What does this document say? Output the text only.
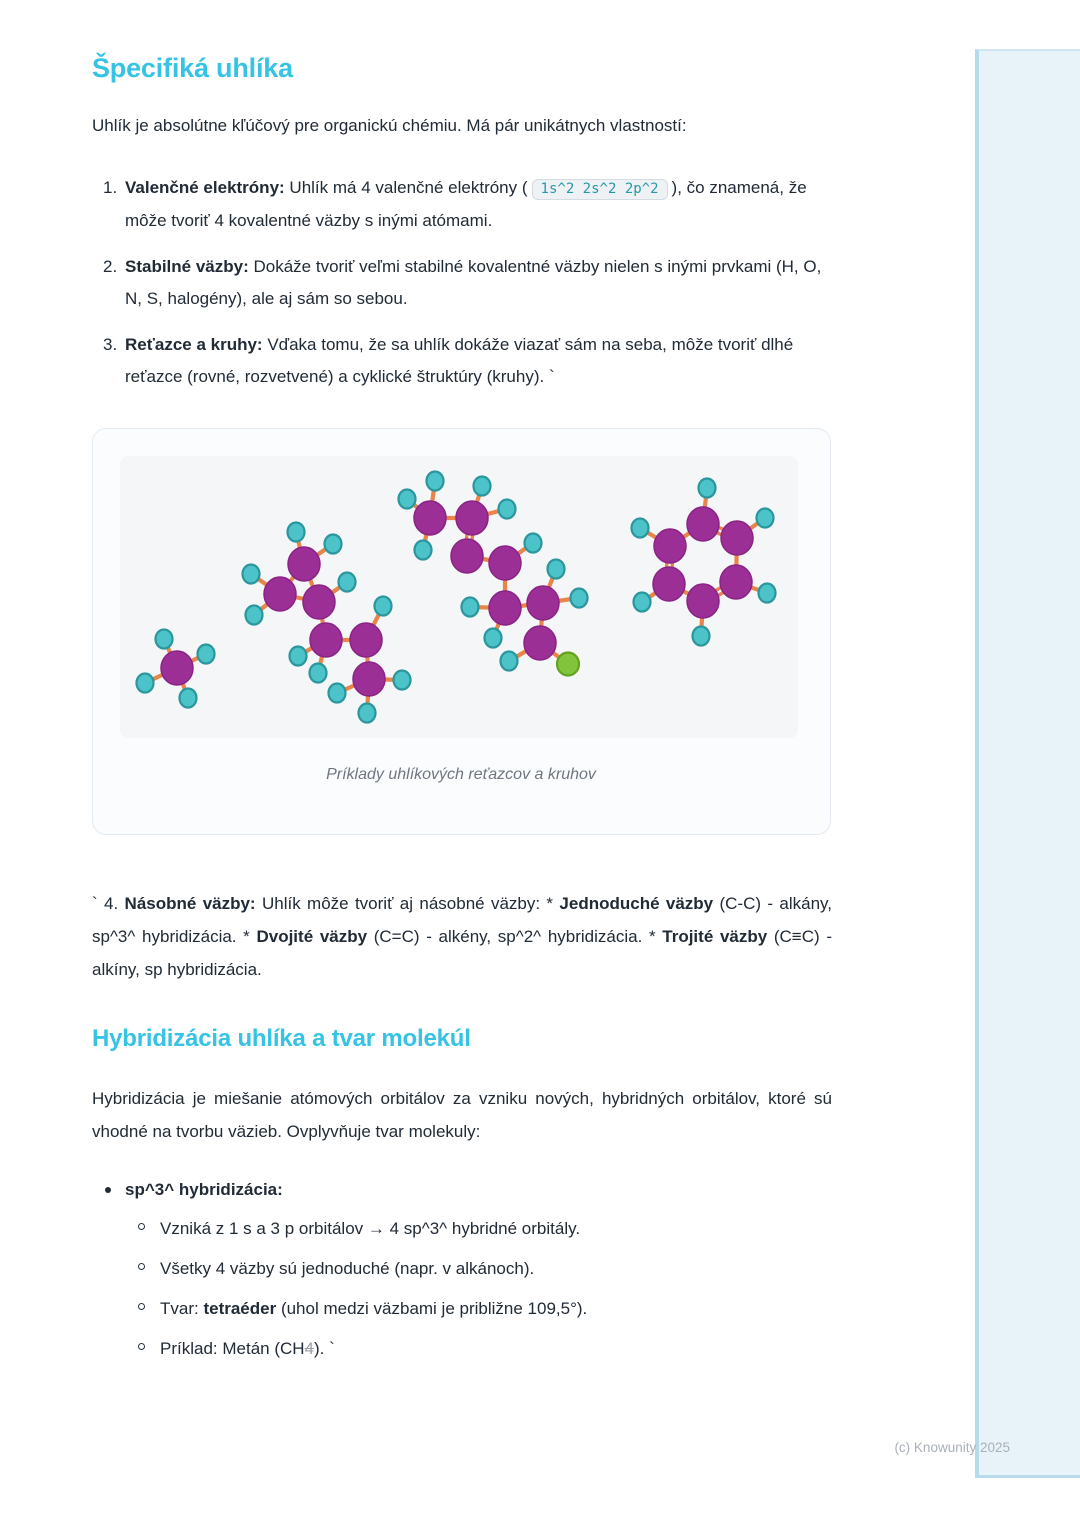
Špecifiká uhlíka

Uhlík je absolútne kľúčový pre organickú chémiu. Má pár unikátnych vlastností:

1. Valenčné elektróny: Uhlík má 4 valenčné elektróny ( 1s^2 2s^2 2p^2 ), čo znamená, že môže tvoriť 4 kovalentné väzby s inými atómami.
2. Stabilné väzby: Dokáže tvoriť veľmi stabilné kovalentné väzby nielen s inými prvkami (H, O, N, S, halogény), ale aj sám so sebou.
3. Reťazce a kruhy: Vďaka tomu, že sa uhlík dokáže viazať sám na seba, môže tvoriť dlhé reťazce (rovné, rozvetvené) a cyklické štruktúry (kruhy). `

Príklady uhlíkových reťazcov a kruhov

` 4. Násobné väzby: Uhlík môže tvoriť aj násobné väzby: * Jednoduché väzby (C-C) - alkány, sp^3^ hybridizácia. * Dvojité väzby (C=C) - alkény, sp^2^ hybridizácia. * Trojité väzby (C≡C) - alkíny, sp hybridizácia.

Hybridizácia uhlíka a tvar molekúl

Hybridizácia je miešanie atómových orbitálov za vzniku nových, hybridných orbitálov, ktoré sú vhodné na tvorbu väzieb. Ovplyvňuje tvar molekuly:

sp^3^ hybridizácia:
Vzniká z 1 s a 3 p orbitálov → 4 sp^3^ hybridné orbitály.
Všetky 4 väzby sú jednoduché (napr. v alkánoch).
Tvar: tetraéder (uhol medzi väzbami je približne 109,5°).
Príklad: Metán (CH4). `
(c) Knowunity 2025
